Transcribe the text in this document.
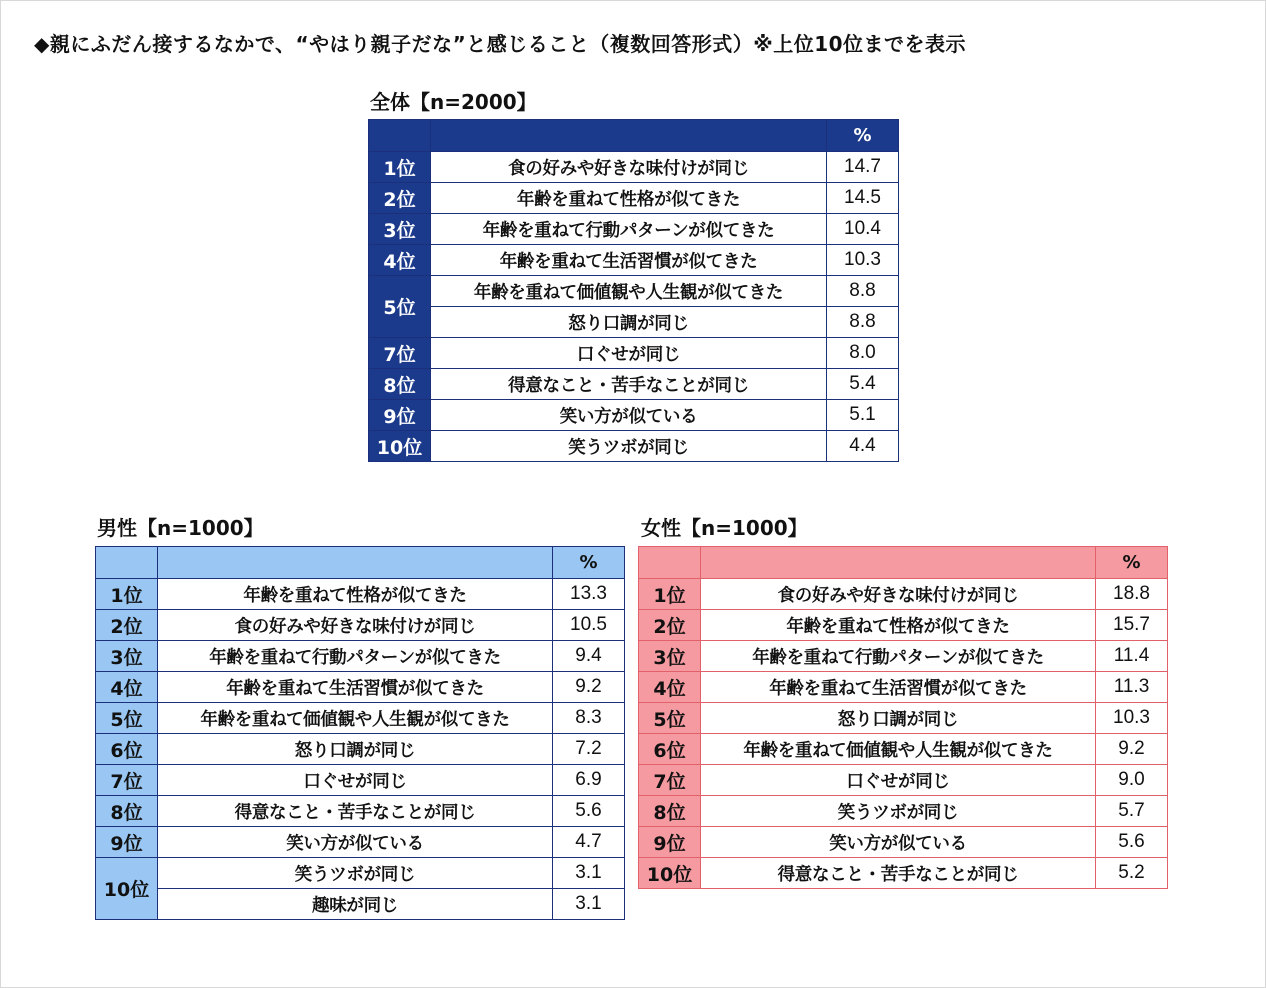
◆親にふだん接するなかで、“やはり親子だな”と感じること（複数回答形式）※上位10位までを表示
全体【n=2000】
		%
1位	食の好みや好きな味付けが同じ	14.7
2位	年齢を重ねて性格が似てきた	14.5
3位	年齢を重ねて行動パターンが似てきた	10.4
4位	年齢を重ねて生活習慣が似てきた	10.3
5位	年齢を重ねて価値観や人生観が似てきた	8.8
	怒り口調が同じ	8.8
7位	口ぐせが同じ	8.0
8位	得意なこと・苦手なことが同じ	5.4
9位	笑い方が似ている	5.1
10位	笑うツボが同じ	4.4
男性【n=1000】
		%
1位	年齢を重ねて性格が似てきた	13.3
2位	食の好みや好きな味付けが同じ	10.5
3位	年齢を重ねて行動パターンが似てきた	9.4
4位	年齢を重ねて生活習慣が似てきた	9.2
5位	年齢を重ねて価値観や人生観が似てきた	8.3
6位	怒り口調が同じ	7.2
7位	口ぐせが同じ	6.9
8位	得意なこと・苦手なことが同じ	5.6
9位	笑い方が似ている	4.7
10位	笑うツボが同じ	3.1
	趣味が同じ	3.1
女性【n=1000】
		%
1位	食の好みや好きな味付けが同じ	18.8
2位	年齢を重ねて性格が似てきた	15.7
3位	年齢を重ねて行動パターンが似てきた	11.4
4位	年齢を重ねて生活習慣が似てきた	11.3
5位	怒り口調が同じ	10.3
6位	年齢を重ねて価値観や人生観が似てきた	9.2
7位	口ぐせが同じ	9.0
8位	笑うツボが同じ	5.7
9位	笑い方が似ている	5.6
10位	得意なこと・苦手なことが同じ	5.2
